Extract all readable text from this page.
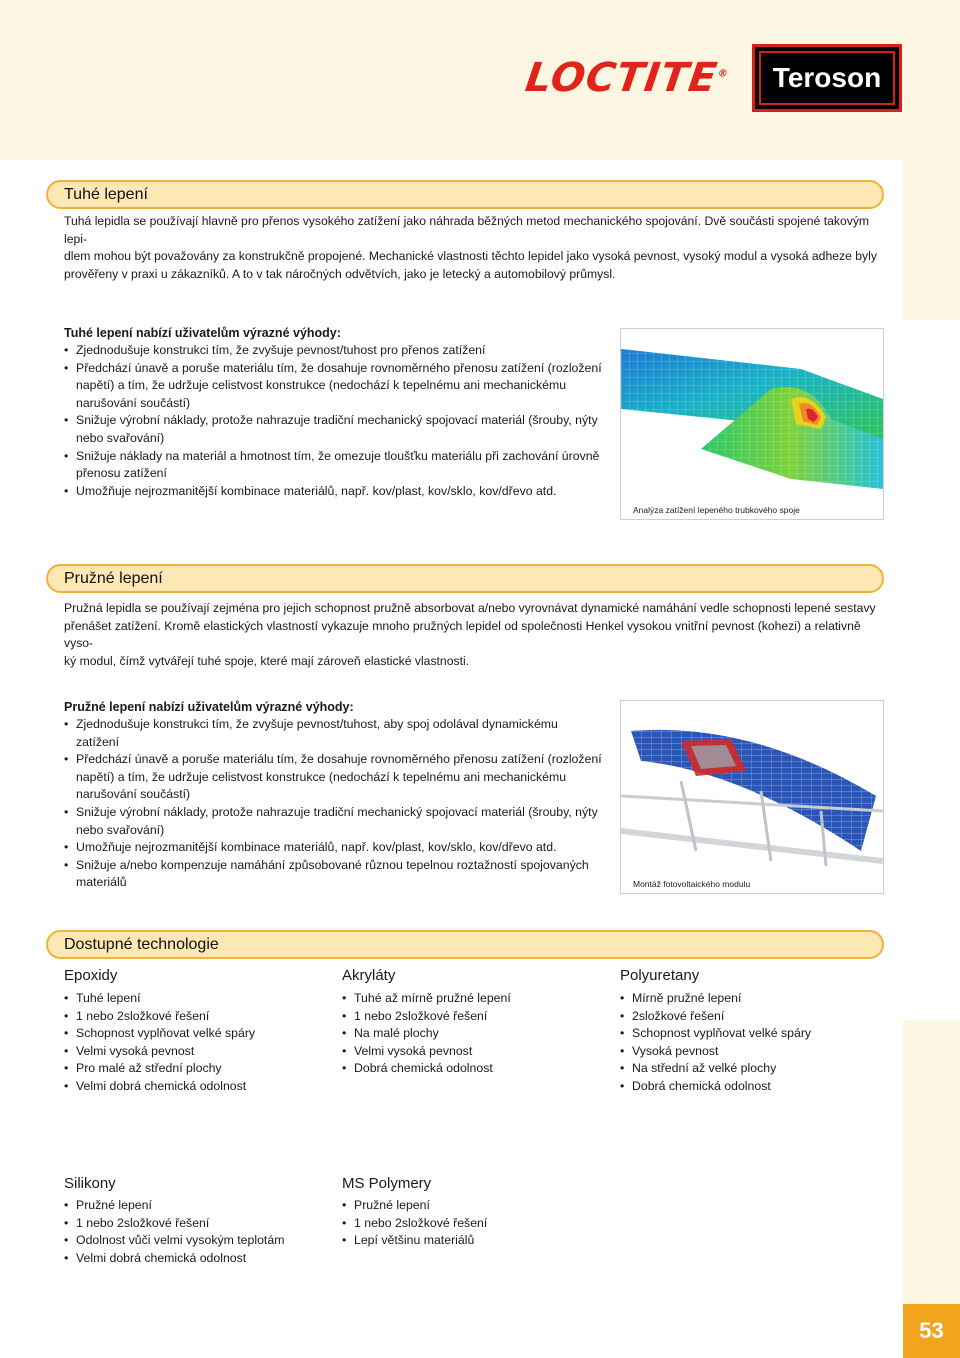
LOCTITE® Teroson
Tuhé lepení
Tuhá lepidla se používají hlavně pro přenos vysokého zatížení jako náhrada běžných metod mechanického spojování. Dvě součásti spojené takovým lepi-
dlem mohou být považovány za konstrukčně propojené. Mechanické vlastnosti těchto lepidel jako vysoká pevnost, vysoký modul a vysoká adheze byly
prověřeny v praxi u zákazníků. A to v tak náročných odvětvích, jako je letecký a automobilový průmysl.
Tuhé lepení nabízí uživatelům výrazné výhody:
• Zjednodušuje konstrukci tím, že zvyšuje pevnost/tuhost pro přenos zatížení
• Předchází únavě a poruše materiálu tím, že dosahuje rovnoměrného přenosu zatížení (rozložení napětí) a tím, že udržuje celistvost konstrukce (nedochází k tepelnému ani mechanickému narušování součástí)
• Snižuje výrobní náklady, protože nahrazuje tradiční mechanický spojovací materiál (šrouby, nýty nebo svařování)
• Snižuje náklady na materiál a hmotnost tím, že omezuje tloušťku materiálu při zachování úrovně přenosu zatížení
• Umožňuje nejrozmanitější kombinace materiálů, např. kov/plast, kov/sklo, kov/dřevo atd.
Analýza zatížení lepeného trubkového spoje
Pružné lepení
Pružná lepidla se používají zejména pro jejich schopnost pružně absorbovat a/nebo vyrovnávat dynamické namáhání vedle schopnosti lepené sestavy
přenášet zatížení. Kromě elastických vlastností vykazuje mnoho pružných lepidel od společnosti Henkel vysokou vnitřní pevnost (kohezi) a relativně vyso-
ký modul, čímž vytvářejí tuhé spoje, které mají zároveň elastické vlastnosti.
Pružné lepení nabízí uživatelům výrazné výhody:
• Zjednodušuje konstrukci tím, že zvyšuje pevnost/tuhost, aby spoj odolával dynamickému zatížení
• Předchází únavě a poruše materiálu tím, že dosahuje rovnoměrného přenosu zatížení (rozložení napětí) a tím, že udržuje celistvost konstrukce (nedochází k tepelnému ani mechanickému narušování součástí)
• Snižuje výrobní náklady, protože nahrazuje tradiční mechanický spojovací materiál (šrouby, nýty nebo svařování)
• Umožňuje nejrozmanitější kombinace materiálů, např. kov/plast, kov/sklo, kov/dřevo atd.
• Snižuje a/nebo kompenzuje namáhání způsobované různou tepelnou roztažností spojovaných materiálů	Montáž fotovoltaického modulu
Dostupné technologie
Epoxidy
• Tuhé lepení
• 1 nebo 2složkové řešení
• Schopnost vyplňovat velké spáry
• Velmi vysoká pevnost
• Pro malé až střední plochy
• Velmi dobrá chemická odolnost
Akryláty
• Tuhé až mírně pružné lepení
• 1 nebo 2složkové řešení
• Na malé plochy
• Velmi vysoká pevnost
• Dobrá chemická odolnost
Polyuretany
• Mírně pružné lepení
• 2složkové řešení
• Schopnost vyplňovat velké spáry
• Vysoká pevnost
• Na střední až velké plochy
• Dobrá chemická odolnost
Silikony
• Pružné lepení
• 1 nebo 2složkové řešení
• Odolnost vůči velmi vysokým teplotám
• Velmi dobrá chemická odolnost
MS Polymery
• Pružné lepení
• 1 nebo 2složkové řešení
• Lepí většinu materiálů
53
